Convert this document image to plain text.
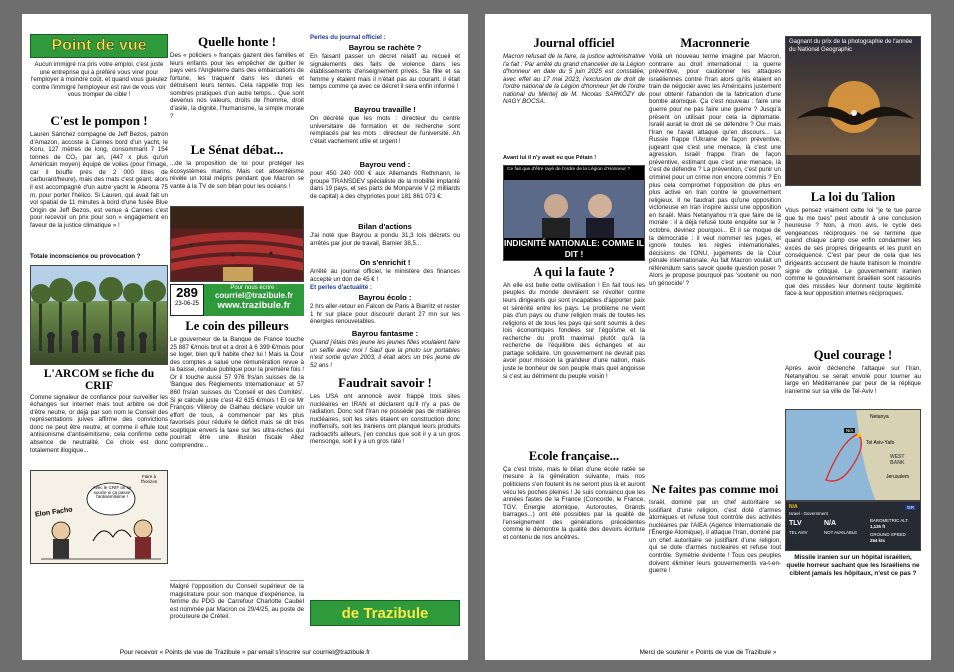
Point de vue
Aucun immigré n'a pris votre emploi, c'est juste une entreprise qui a préféré vous virer pour l'employer à moindre coût, et quand vous gueulez contre l'immigré l'employeur est ravi de vous voir vous tromper de cible !
C'est le pompon !
Lauren Sánchez compagne de Jeff Bezos, patron d'Amazon, accoste à Cannes bord d'un yacht, le Koru, 127 mètres de long, consommant 7 154 tonnes de CO₂ par an, (447 x plus qu'un Américain moyen) équipé de voiles (pour l'image, car il bouffe près de 2 000 litres de carburant/heure), mais des mats c'est géant, alors il est accompagné d'un autre yacht le Abeona 75 m, pour porter l'hélico. Si Lauren, qui avait fait un vol spatial de 11 minutes à bord d'une fusée Blue Origin de Jeff Bezos, est venue à Cannes c'est pour recevoir un prix pour son « engagement en faveur de la justice climatique » !
Totale inconscience ou provocation ?
L'ARCOM se fiche du CRIF
Comme signaleur de confiance pour surveiller les échanges sur internet mais tout arbitre se doit d'être neutre, or déjà par son nom le Conseil des représentations juives affirme des convictions donc ne peut être neutre, et comme il effule tout antisionisme d'antisémitisme, cela confirme cette absence de neutralité. Ce choix est donc totalement illogique...
Elon Facho
Avec le CRIF on se soucie si ça passe l'antisémitisme !
Faire à l'horizon
Quelle honte !
Des « policiers » français gazent des familles et leurs enfants pour les empêcher de quitter le pays vers l'Angleterre dans des embarcations de fortune, les traquent dans les dunes et détruisent leurs tentes. Cela rappelle trop les sombres pratiques d'un autre temps... Que sont devenus nos valeurs, droits de l'homme, droit d'asile, la dignité, l'humanisme, la simple morale ?
Le Sénat débat...
...de la proposition de loi pour protéger les écosystèmes marins. Mais cet absentéisme révèle un total mépris pendant que Macron se vante à la TV de son bilan pour les océans !
289
23-06-25
Pour nous écrire :
courriel@trazibule.fr
www.trazibule.fr
Le coin des pilleurs
Le gouverneur de la Banque de France touche 25 887 €/mois brut et a droit à 6 399 €/mois pour se loger, bien qu'il habite chez lui ! Mais la Cour des comptes a salué une rémunération revue à la baisse, rendue publique pour la première fois ! Or il touche aussi 57 976 frs/an suisses de la 'Banque des Règlements Internationaux' et 57 860 frs/an suisses du 'Conseil et des Comités'. Si je calcule juste c'est 42 615 €/mois ! Et ce Mr François Villeroy de Galhau déclare vouloir un effort de tous, à commencer par les plus favorisés pour réduire le déficit mais se dit très sceptique envers la taxe sur les ultra-riches qui pourrait être une illusion fiscale Allez comprendre...
Perles du journal officiel :
Bayrou se rachète ?
En faisant passer un décret relatif au recueil et signalements des faits de violence dans les établissements d'enseignement privés. Sa fille et sa femme y étaient mais il n'était pas au courant, il était temps comme ça avec ce décret il sera enfin informé !
Bayrou travaille !
On décrète que les mots : directeur du centre universitaire de formation et de recherche sont remplacés par les mots : directeur de l'université. Ah c'était vachement utile et urgent !
Bayrou vend :
pour 450 240 000 € aux Allemands Rethmann, le groupe TRANSDEV spécialiste de la mobilité implanté dans 19 pays, et ses parts de Monparvie V (2 milliards de capital) à des chypriotes pour 181 861 073 €.
Bilan d'actions
J'ai noté que Bayrou a pondu 31,3 lois décrets ou arrêtés par jour de travail, Barnier 38,5...
On s'enrichit !
Arrêté au journal officiel, le ministère des finances accepte un don de 45 € !
Et perles d'actualité :
Bayrou écolo :
2 hrs aller-retour en Falcon de Paris à Biarritz et rester 1 hr sur place pour discourir durant 27 mn sur les énergies renouvelables.
Bayrou fantasme :
Quand j'étais très jeune les jeunes filles voulaient faire un selfie avec moi ! Sauf que la photo sur portables n'est sortie qu'en 2003, il était alors un très jeune de 52 ans !
Faudrait savoir !
Les USA ont annoncé avoir frappé trois sites nucléaires en IRAN et déclarent qu'il n'y a pas de radiation. Donc soit l'Iran ne possède pas de matières nucléaires, soit les sites étaient en construction donc inoffensifs, soit les Iraniens ont planqué leurs produits radioactifs ailleurs, j'en conclus que soit il y a un gros mensonge, soit il y a un gros raté !
Malgré l'opposition du Conseil supérieur de la magistrature pour son manque d'expérience, la femme du PDG de Carrefour Charlotte Caubel est nommée par Macron ce 29/4/25, au poste de procureure de Créteil.	de Trazibule
Pour recevoir « Points de vue de Trazibule » par email s'inscrire sur courriel@trazibule.fr
Journal officiel
Macron refusait de la faire, la justice administrative l'a fait : Par arrêté du grand chancelier de la Légion d'honneur en date du 5 juin 2025 est constatée, avec effet au 17 mai 2023, l'exclusion de droit de l'ordre national de la Légion d'honneur [et de l'ordre national du Mérite] de M. Nicolas SARKÖZY de NAGY BOCSA.
Avant lui il n'y avait eu que Pétain !
Ce fait que d'être rayé de l'ordre de la Légion d'Honneur ?
INDIGNITÉ NATIONALE: COMME IL DIT !
A qui la faute ?
Ah elle est belle cette civilisation ! En fait tous les peuples du monde devraient se révolter contre leurs dirigeants qui sont incapables d'apporter paix et sérénité entre les pays. Le problème ne vient pas d'un pays ou d'une religion mais de toutes les religions et de tous les pays qui sont soumis à des lois économiques fondées sur l'égoïsme et la recherche du profit maximal plutôt qu'à la recherche de l'équilibre des échanges et au partage solidaire. Un gouvernement ne devrait pas avoir pour mission la grandeur d'une nation, mais juste le bonheur de son peuple mais quel angoisse si c'est au détriment du peuple voisin !
Ecole française...
Ça c'est triste, mais le bilan d'une école ratée se mesure à la génération suivante, mais nos politiciens s'en foutent ils ne seront plus là et auront vécu les poches pleines ! Je suis convaincu que les années fastes de la France (Concorde, le France, TGV, Énergie atomique, Autoroutes, Grands barrages...) ont été possibles par la qualité de l'enseignement des générations précédentes comme le démontre la qualité des devoirs écriture et contenu de nos ancêtres.
Macronnerie
Voilà un nouveau terme imaginé par Macron, contraire au droit international : la guerre préventive, pour cautionner les attaques israéliennes contre l'Iran alors qu'ils étaient en train de négocier avec les Américains justement pour obtenir l'abandon de la fabrication d'une bombe atomique. Ça c'est nouveau : faire une guerre pour ne pas faire une guerre ? Jusqu'à présent on utilisait pour cela la diplomatie. Israël aurait le droit de se défendre ? Oui mais l'Iran ne l'avait attaqué qu'en discours... La Russie frappe l'Ukraine de façon préventive, jugeant que c'est une menace, là c'est une agression. Israël frappe l'Iran de façon préventive, estimant que c'est une menace, là c'est de défendre ? La prévention, c'est punir un criminel pour un crime non encore commis ? En plus cela compromet l'opposition de plus en plus active en Iran contre le gouvernement religieux. Il ne faudrait pas qu'une opposition victorieuse en Iran inspire aussi une opposition en Israël. Mais Netanyahou n'a que faire de la morale : il a déjà refusé toute enquête sur le 7 octobre, devinez pourquoi... Et il se moque de la démocratie : il veut nommer les juges, et ignore toutes les règles internationales, décisions de l'ONU, jugements de la Cour pénale internationale. Au fait Macron voulait un référendum sans savoir quelle question poser ? Alors je propose pourquoi pas 'soutenir ou non un génocide' ?
Ne faites pas comme moi
Israël, dominé par un chef autoritaire se justifiant d'une religion, c'est doté d'armes atomiques et refuse tout contrôle des activités nucléaires par l'AIEA (Agence Internationale de l'Énergie Atomique), il attaque l'Iran, dominé par un chef autoritaire se justifiant d'une religion, qui se dote d'armes nucléaires et refuse tout contrôle. Symétrie évidente ! Tous ces peuples doivent éliminer leurs gouvernements va-t-en-guerre !
Gagnant du prix de la photographie de l'année du National Geographic
La loi du Talion
Vous pensez vraiment cette loi "je te tue parce que tu me tues" peut aboutir à une conclusion heureuse ? Non, à mon avis, le cycle des vengeances réciproques ne se termine que quand chaque camp ose enfin condamner les excès de ses propres dirigeants et les punit en conséquence. C'est par peur de cela que les dirigeants accusent de haute trahison le moindre signe de critique. Le gouvernement iranien comme le gouvernement israélien sont rassurés que des missiles leur donnent toute légitimité face à leur opposition internes réciproques.
Quel courage !
Après avoir déclenché l'attaque sur l'Iran, Netanyahou se serait envolé pour tourner au large en Méditerranée par peur de la réplique iranienne sur sa ville de Tel-Aviv !
Netanya
Tel Aviv-Yafo
WEST BANK
Jerusalem
N/A
N/A
Israel - Government
ISR
TLV
TEL AVIV
N/A
NOT AVAILABLE
BAROMETRIC ALT.
1,125 ft
GROUND SPEED
254 kts
Missile iranien sur un hôpital israélien, quelle horreur sachant que les Israéliens ne ciblent jamais les hôpitaux, n'est ce pas ?
Merci de soutenir « Points de vue de Trazibule »
